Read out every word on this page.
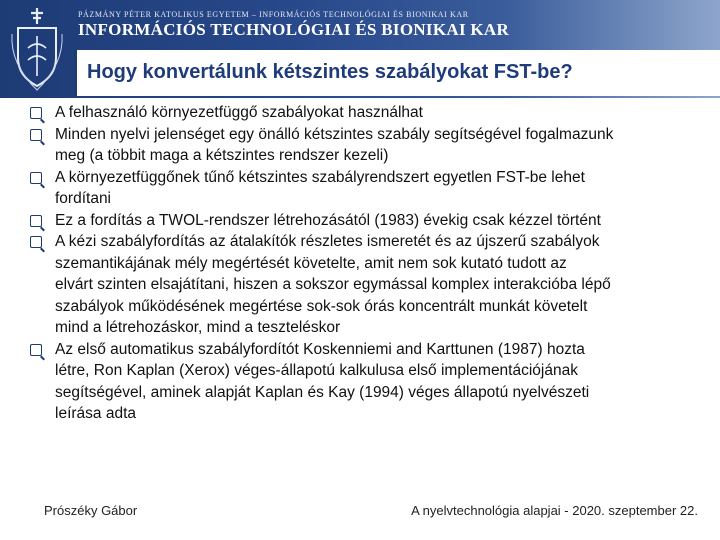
PÁZMÁNY PÉTER KATOLIKUS EGYETEM – INFORMÁCIÓS TECHNOLÓGIAI ÉS BIONIKAI KAR
INFORMÁCIÓS TECHNOLÓGIAI ÉS BIONIKAI KAR
Hogy konvertálunk kétszintes szabályokat FST-be?
A felhasználó környezetfüggő szabályokat használhat
Minden nyelvi jelenséget egy önálló kétszintes szabály segítségével fogalmazunk
meg (a többit maga a kétszintes rendszer kezeli)
A környezetfüggőnek tűnő kétszintes szabályrendszert egyetlen FST-be lehet
fordítani
Ez a fordítás a TWOL-rendszer létrehozásától (1983) évekig csak kézzel történt
A kézi szabályfordítás az átalakítók részletes ismeretét és az újszerű szabályok
szemantikájának mély megértését követelte, amit nem sok kutató tudott az
elvárt szinten elsajátítani, hiszen a sokszor egymással komplex interakcióba lépő
szabályok működésének megértése sok-sok órás koncentrált munkát követelt
mind a létrehozáskor, mind a teszteléskor
Az első automatikus szabályfordítót Koskenniemi and Karttunen (1987) hozta
létre, Ron Kaplan (Xerox) véges-állapotú kalkulusa első implementációjának
segítségével, aminek alapját Kaplan és Kay (1994) véges állapotú nyelvészeti
leírása adta
Prószéky Gábor	A nyelvtechnológia alapjai - 2020. szeptember 22.
